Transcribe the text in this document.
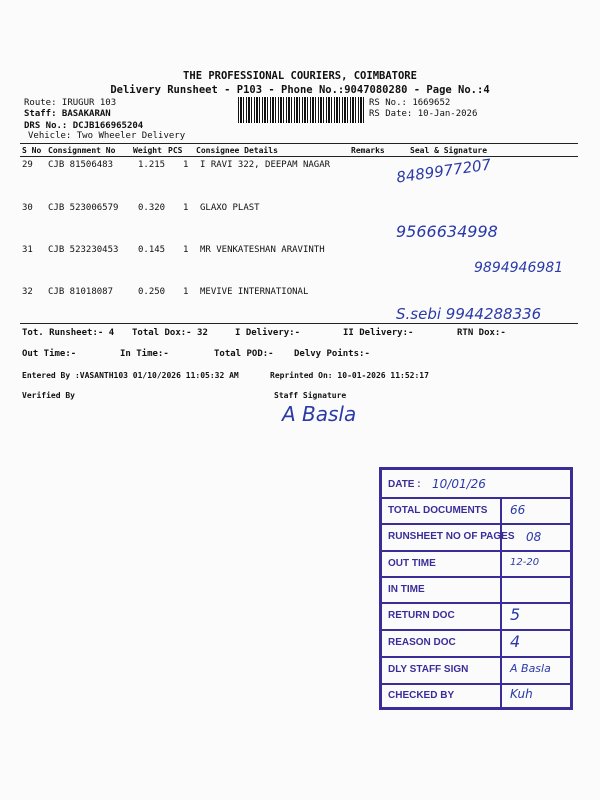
THE PROFESSIONAL COURIERS, COIMBATORE
Delivery Runsheet - P103 - Phone No.:9047080280 - Page No.:4
Route: IRUGUR 103
Staff: BASAKARAN
DRS No.: DCJB166965204
Vehicle: Two Wheeler Delivery
RS No.: 1669652
RS Date: 10-Jan-2026
S No Consignment No Weight PCS Consignee Details	Remarks	Seal & Signature
29 CJB 81506483	1.215 1 I RAVI 322, DEEPAM NAGAR	8489977207
30 CJB 523006579 0.320 1 GLAXO PLAST
9566634998
31 CJB 523230453 0.145 1 MR VENKATESHAN ARAVINTH
9894946981
32 CJB 81018087	0.250 1 MEVIVE INTERNATIONAL
S.sebi 9944288336
Tot. Runsheet:- 4 Total Dox:- 32	I Delivery:-	II Delivery:-	RTN Dox:-
Out Time:-	In Time:-	Total POD:- Delvy Points:-
Entered By :VASANTH103 01/10/2026 11:05:32 AM	Reprinted On: 10-01-2026 11:52:17
Verified By	Staff Signature
A Basla
DATE : 10/01/26
TOTAL DOCUMENTS 66
RUNSHEET NO OF PAGES 08
OUT TIME	12-20
IN TIME
RETURN DOC	5
REASON DOC	4
DLY STAFF SIGN	A Basla
CHECKED BY	Kuh
